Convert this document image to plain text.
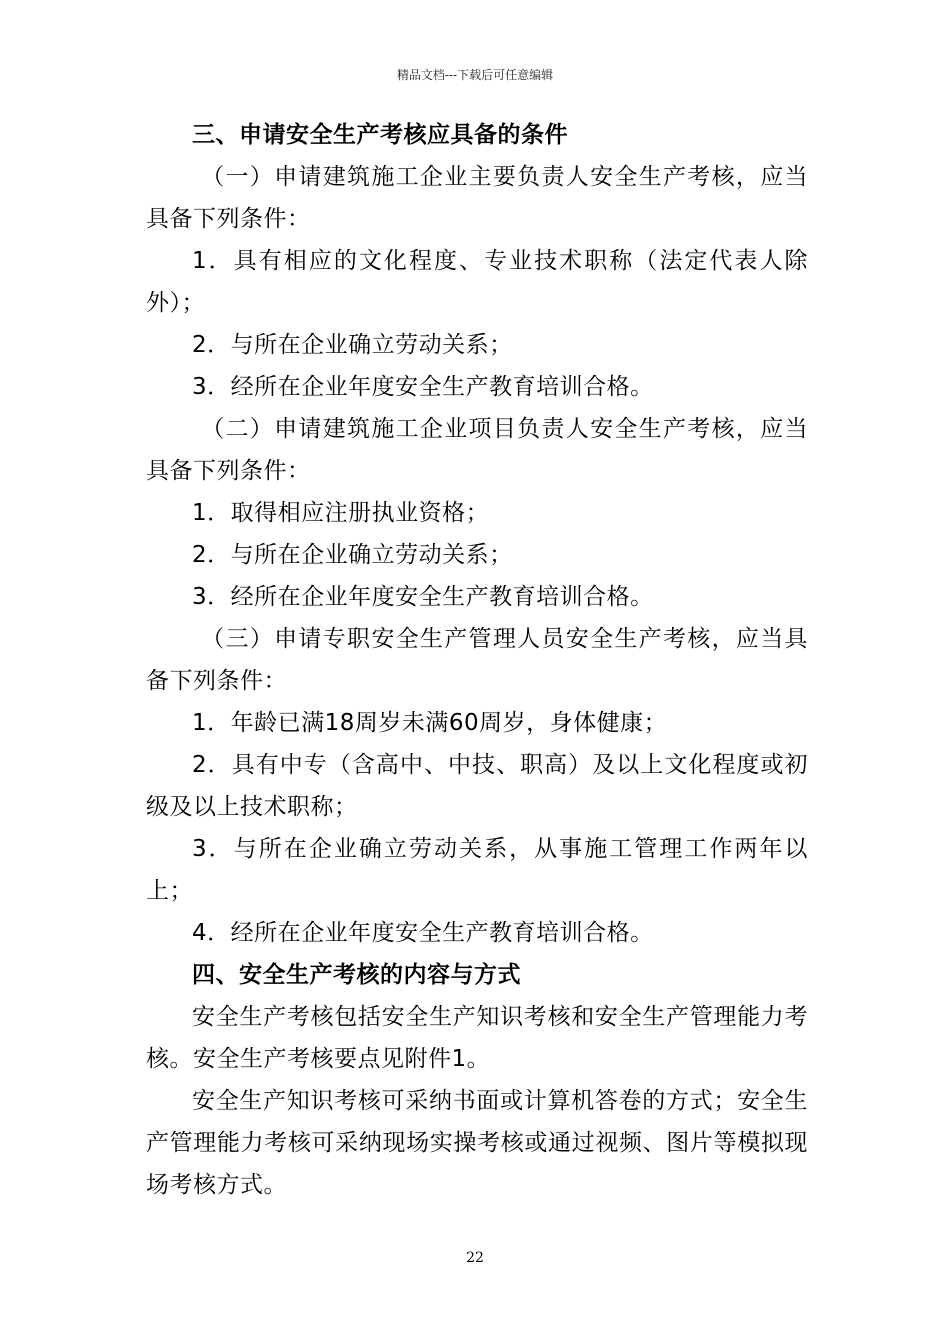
精品文档---下载后可任意编辑

三、申请安全生产考核应具备的条件

（一）申请建筑施工企业主要负责人安全生产考核，应当具备下列条件：

1．具有相应的文化程度、专业技术职称（法定代表人除外）；

2．与所在企业确立劳动关系；

3．经所在企业年度安全生产教育培训合格。

（二）申请建筑施工企业项目负责人安全生产考核，应当具备下列条件：

1．取得相应注册执业资格；

2．与所在企业确立劳动关系；

3．经所在企业年度安全生产教育培训合格。

（三）申请专职安全生产管理人员安全生产考核，应当具备下列条件：

1．年龄已满18周岁未满60周岁，身体健康；

2．具有中专（含高中、中技、职高）及以上文化程度或初级及以上技术职称；

3．与所在企业确立劳动关系，从事施工管理工作两年以上；

4．经所在企业年度安全生产教育培训合格。

四、安全生产考核的内容与方式

安全生产考核包括安全生产知识考核和安全生产管理能力考核。安全生产考核要点见附件1。

安全生产知识考核可采纳书面或计算机答卷的方式；安全生产管理能力考核可采纳现场实操考核或通过视频、图片等模拟现场考核方式。

22
